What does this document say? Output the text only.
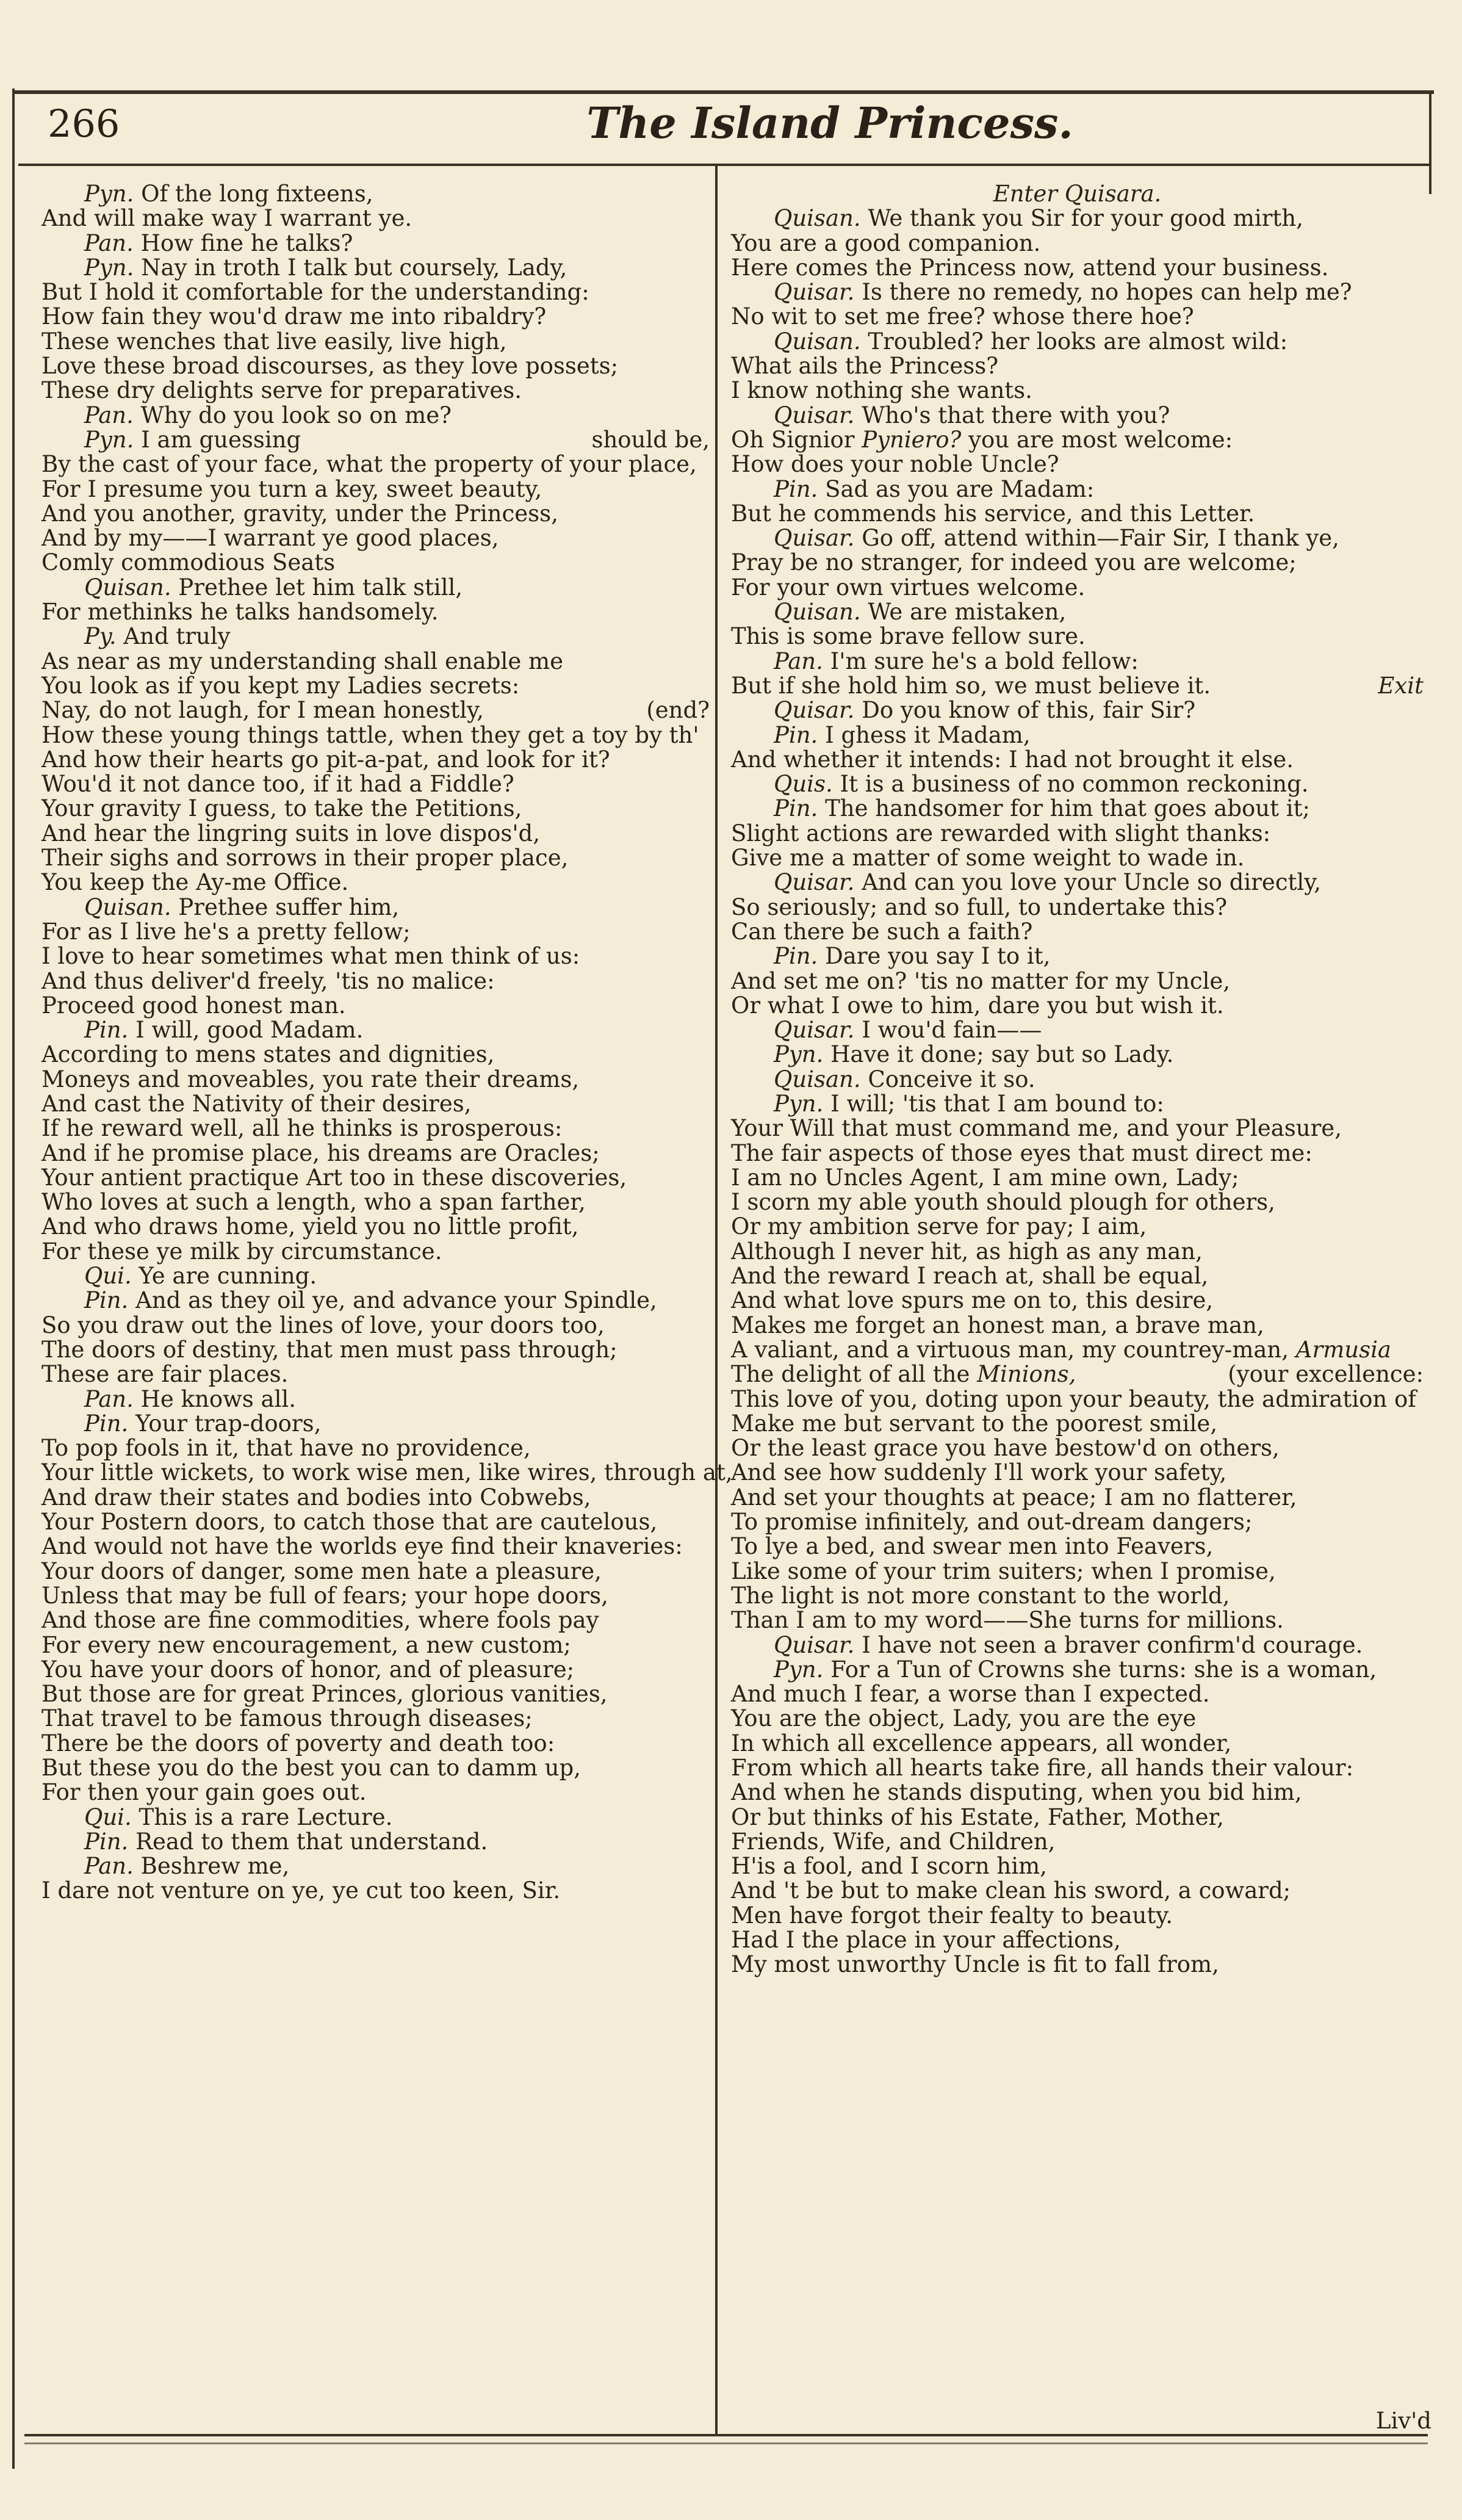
266	The Island Princess.
Pyn. Of the long fixteens,
And will make way I warrant ye.
Pan. How fine he talks?
Pyn. Nay in troth I talk but coursely, Lady,
But I hold it comfortable for the understanding:
How fain they wou'd draw me into ribaldry?
These wenches that live easily, live high,
Love these broad discourses, as they love possets;
These dry delights serve for preparatives.
Pan. Why do you look so on me?
Pyn. I am guessing	should be,
By the cast of your face, what the property of your place,
For I presume you turn a key, sweet beauty,
And you another, gravity, under the Princess,
And by my——I warrant ye good places,
Comly commodious Seats
Quisan. Prethee let him talk still,
For methinks he talks handsomely.
Py. And truly
As near as my understanding shall enable me
You look as if you kept my Ladies secrets:
Nay, do not laugh, for I mean honestly,	(end?
How these young things tattle, when they get a toy by th'
And how their hearts go pit-a-pat, and look for it?
Wou'd it not dance too, if it had a Fiddle?
Your gravity I guess, to take the Petitions,
And hear the lingring suits in love dispos'd,
Their sighs and sorrows in their proper place,
You keep the Ay-me Office.
Quisan. Prethee suffer him,
For as I live he's a pretty fellow;
I love to hear sometimes what men think of us:
And thus deliver'd freely, 'tis no malice:
Proceed good honest man.
Pin. I will, good Madam.
According to mens states and dignities,
Moneys and moveables, you rate their dreams,
And cast the Nativity of their desires,
If he reward well, all he thinks is prosperous:
And if he promise place, his dreams are Oracles;
Your antient practique Art too in these discoveries,
Who loves at such a length, who a span farther,
And who draws home, yield you no little profit,
For these ye milk by circumstance.
Qui. Ye are cunning.
Pin. And as they oil ye, and advance your Spindle,
So you draw out the lines of love, your doors too,
The doors of destiny, that men must pass through;
These are fair places.
Pan. He knows all.
Pin. Your trap-doors,
To pop fools in it, that have no providence,
Your little wickets, to work wise men, like wires, through at,
And draw their states and bodies into Cobwebs,
Your Postern doors, to catch those that are cautelous,
And would not have the worlds eye find their knaveries:
Your doors of danger, some men hate a pleasure,
Unless that may be full of fears; your hope doors,
And those are fine commodities, where fools pay
For every new encouragement, a new custom;
You have your doors of honor, and of pleasure;
But those are for great Princes, glorious vanities,
That travel to be famous through diseases;
There be the doors of poverty and death too:
But these you do the best you can to damm up,
For then your gain goes out.
Qui. This is a rare Lecture.
Pin. Read to them that understand.
Pan. Beshrew me,
I dare not venture on ye, ye cut too keen, Sir.
Enter Quisara.
Quisan. We thank you Sir for your good mirth,
You are a good companion.
Here comes the Princess now, attend your business.
Quisar. Is there no remedy, no hopes can help me?
No wit to set me free? whose there hoe?
Quisan. Troubled? her looks are almost wild:
What ails the Princess?
I know nothing she wants.
Quisar. Who's that there with you?
Oh Signior Pyniero? you are most welcome:
How does your noble Uncle?
Pin. Sad as you are Madam:
But he commends his service, and this Letter.
Quisar. Go off, attend within—Fair Sir, I thank ye,
Pray be no stranger, for indeed you are welcome;
For your own virtues welcome.
Quisan. We are mistaken,
This is some brave fellow sure.
Pan. I'm sure he's a bold fellow:
But if she hold him so, we must believe it.	Exit
Quisar. Do you know of this, fair Sir?
Pin. I ghess it Madam,
And whether it intends: I had not brought it else.
Quis. It is a business of no common reckoning.
Pin. The handsomer for him that goes about it;
Slight actions are rewarded with slight thanks:
Give me a matter of some weight to wade in.
Quisar. And can you love your Uncle so directly,
So seriously; and so full, to undertake this?
Can there be such a faith?
Pin. Dare you say I to it,
And set me on? 'tis no matter for my Uncle,
Or what I owe to him, dare you but wish it.
Quisar. I wou'd fain——
Pyn. Have it done; say but so Lady.
Quisan. Conceive it so.
Pyn. I will; 'tis that I am bound to:
Your Will that must command me, and your Pleasure,
The fair aspects of those eyes that must direct me:
I am no Uncles Agent, I am mine own, Lady;
I scorn my able youth should plough for others,
Or my ambition serve for pay; I aim,
Although I never hit, as high as any man,
And the reward I reach at, shall be equal,
And what love spurs me on to, this desire,
Makes me forget an honest man, a brave man,
A valiant, and a virtuous man, my countrey-man, Armusia
The delight of all the Minions,	(your excellence:
This love of you, doting upon your beauty, the admiration of
Make me but servant to the poorest smile,
Or the least grace you have bestow'd on others,
And see how suddenly I'll work your safety,
And set your thoughts at peace; I am no flatterer,
To promise infinitely, and out-dream dangers;
To lye a bed, and swear men into Feavers,
Like some of your trim suiters; when I promise,
The light is not more constant to the world,
Than I am to my word——She turns for millions.
Quisar. I have not seen a braver confirm'd courage.
Pyn. For a Tun of Crowns she turns: she is a woman,
And much I fear, a worse than I expected.
You are the object, Lady, you are the eye
In which all excellence appears, all wonder,
From which all hearts take fire, all hands their valour:
And when he stands disputing, when you bid him,
Or but thinks of his Estate, Father, Mother,
Friends, Wife, and Children,
H'is a fool, and I scorn him,
And 't be but to make clean his sword, a coward;
Men have forgot their fealty to beauty.
Had I the place in your affections,
My most unworthy Uncle is fit to fall from,
Liv'd
